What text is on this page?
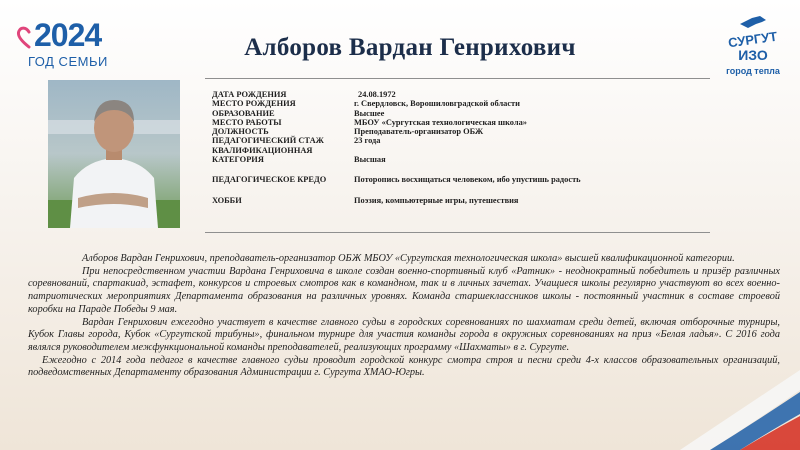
2024
ГОД СЕМЬИ
Алборов Вардан Генрихович	СУРГУТ
ИЗО
город тепла
ДАТА РОЖДЕНИЯ	24.08.1972
МЕСТО РОЖДЕНИЯ	г. Свердловск, Ворошиловградской области
ОБРАЗОВАНИЕ	Высшее
МЕСТО РАБОТЫ	МБОУ «Сургутская технологическая школа»
ДОЛЖНОСТЬ	Преподаватель-организатор ОБЖ
ПЕДАГОГИЧЕСКИЙ СТАЖ	23 года
КВАЛИФИКАЦИОННАЯ
КАТЕГОРИЯ	Высшая
ПЕДАГОГИЧЕСКОЕ КРЕДО	Поторопись восхищаться человеком, ибо упустишь радость
ХОББИ	Поэзия, компьютерные игры, путешествия

Алборов Вардан Генрихович, преподаватель-организатор ОБЖ МБОУ «Сургутская технологическая школа» высшей квалификационной категории.

При непосредственном участии Вардана Генриховича в школе создан военно-спортивный клуб «Ратник» - неоднократный победитель и призёр различных соревнований, спартакиад, эстафет, конкурсов и строевых смотров как в командном, так и в личных зачетах. Учащиеся школы регулярно участвуют во всех военно-патриотических мероприятиях Департамента образования на различных уровнях. Команда старшеклассников школы - постоянный участник в составе строевой коробки на Параде Победы 9 мая.

Вардан Генрихович ежегодно участвует в качестве главного судьи в городских соревнованиях по шахматам среди детей, включая отборочные турниры, Кубок Главы города, Кубок «Сургутской трибуны», финальном турнире для участия команды города в окружных соревнованиях на приз «Белая ладья». С 2016 года являлся руководителем межфункциональной команды преподавателей, реализующих программу «Шахматы» в г. Сургуте.

Ежегодно с 2014 года педагог в качестве главного судьи проводит городской конкурс смотра строя и песни среди 4-х классов образовательных организаций, подведомственных Департаменту образования Администрации г. Сургута ХМАО-Югры.
